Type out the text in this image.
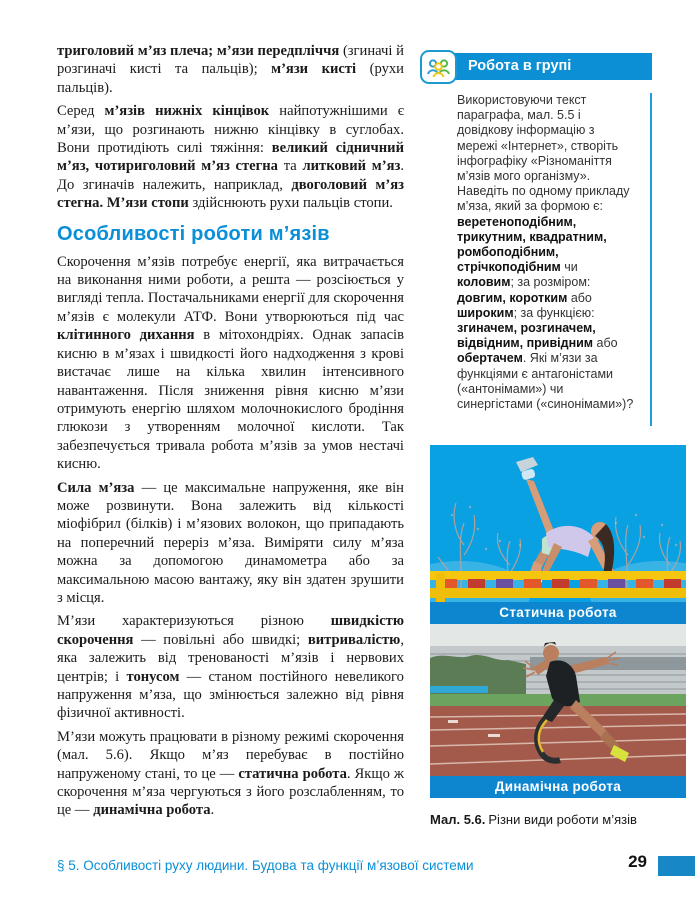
триголовий м’яз плеча; м’язи передпліччя (згиначі й розгиначі кисті та пальців); м’язи кисті (рухи пальців).

Серед м’язів нижніх кінцівок найпотужнішими є м’язи, що розгинають нижню кінцівку в суглобах. Вони протидіють силі тяжіння: великий сідничний м’яз, чотириголовий м’яз стегна та литковий м’яз. До згиначів належить, наприклад, двоголовий м’яз стегна. М’язи стопи здійснюють рухи пальців стопи.

Особливості роботи м’язів

Скорочення м’язів потребує енергії, яка витрачається на виконання ними роботи, а решта — розсіюється у вигляді тепла. Постачальниками енергії для скорочення м’язів є молекули АТФ. Вони утворюються під час клітинного дихання в мітохондріях. Однак запасів кисню в м’язах і швидкості його надходження з крові вистачає лише на кілька хвилин інтенсивного навантаження. Після зниження рівня кисню м’язи отримують енергію шляхом молочнокислого бродіння глюкози з утворенням молочної кислоти. Так забезпечується тривала робота м’язів за умов нестачі кисню.

Сила м’яза — це максимальне напруження, яке він може розвинути. Вона залежить від кількості міофібрил (білків) і м’язових волокон, що припадають на поперечний переріз м’яза. Виміряти силу м’яза можна за допомогою динамометра або за максимальною масою вантажу, яку він здатен зрушити з місця.

М’язи характеризуються різною швидкістю скорочення — повільні або швидкі; витривалістю, яка залежить від тренованості м’язів і нервових центрів; і тонусом — станом постійного невеликого напруження м’яза, що змінюється залежно від рівня фізичної активності.

М’язи можуть працювати в різному режимі скорочення (мал. 5.6). Якщо м’яз перебуває в постійно напруженому стані, то це — статична робота. Якщо ж скорочення м’яза чергуються з його розслабленням, то це — динамічна робота.

Робота в групі
Використовуючи текст параграфа, мал. 5.5 і довідкову інформацію з мережі «Інтернет», створіть інфографіку «Різноманіття м’язів мого організму». Наведіть по одному прикладу м’яза, який за формою є: веретеноподібним, трикутним, квадратним, ромбоподібним, стрічкоподібним чи коловим; за розміром: довгим, коротким або широким; за функцією: згиначем, розгиначем, відвідним, привідним або обертачем. Які м’язи за функціями є антагоністами («антонімами») чи синергістами («синонімами»)?
Статична робота
Динамічна робота
Мал. 5.6. Різни види роботи м’язів
§ 5. Особливості руху людини. Будова та функції м’язової системи	29
